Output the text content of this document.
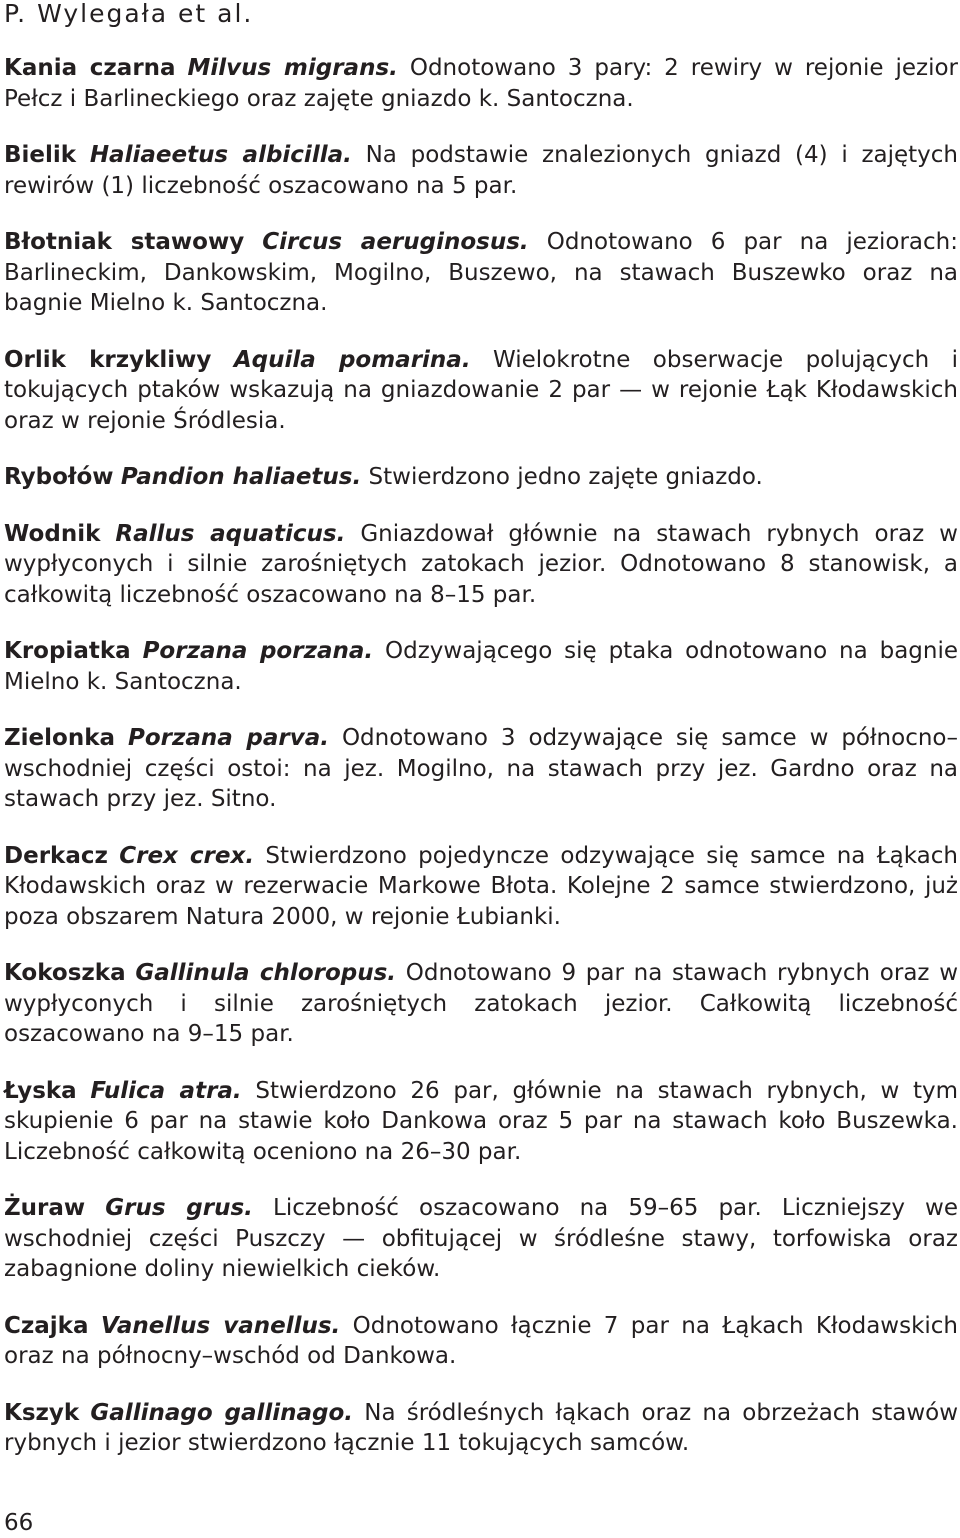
P. Wylegała et al.

Kania czarna Milvus migrans. Odnotowano 3 pary: 2 rewiry w rejonie jezior Pełcz i Barlineckiego oraz zajęte gniazdo k. Santoczna.

Bielik Haliaeetus albicilla. Na podstawie znalezionych gniazd (4) i zajętych rewirów (1) liczebność oszacowano na 5 par.

Błotniak stawowy Circus aeruginosus. Odnotowano 6 par na jeziorach: Barlineckim, Dankowskim, Mogilno, Buszewo, na stawach Buszewko oraz na bagnie Mielno k. Santoczna.

Orlik krzykliwy Aquila pomarina. Wielokrotne obserwacje polujących i tokujących ptaków wskazują na gniazdowanie 2 par — w rejonie Łąk Kłodawskich oraz w rejonie Śródlesia.

Rybołów Pandion haliaetus. Stwierdzono jedno zajęte gniazdo.

Wodnik Rallus aquaticus. Gniazdował głównie na stawach rybnych oraz w wypłyconych i silnie zarośniętych zatokach jezior. Odnotowano 8 stanowisk, a całkowitą liczebność oszacowano na 8–15 par.

Kropiatka Porzana porzana. Odzywającego się ptaka odnotowano na bagnie Mielno k. Santoczna.

Zielonka Porzana parva. Odnotowano 3 odzywające się samce w północno–wschodniej części ostoi: na jez. Mogilno, na stawach przy jez. Gardno oraz na stawach przy jez. Sitno.

Derkacz Crex crex. Stwierdzono pojedyncze odzywające się samce na Łąkach Kłodawskich oraz w rezerwacie Markowe Błota. Kolejne 2 samce stwierdzono, już poza obszarem Natura 2000, w rejonie Łubianki.

Kokoszka Gallinula chloropus. Odnotowano 9 par na stawach rybnych oraz w wypłyconych i silnie zarośniętych zatokach jezior. Całkowitą liczebność oszacowano na 9–15 par.

Łyska Fulica atra. Stwierdzono 26 par, głównie na stawach rybnych, w tym skupienie 6 par na stawie koło Dankowa oraz 5 par na stawach koło Buszewka. Liczebność całkowitą oceniono na 26–30 par.

Żuraw Grus grus. Liczebność oszacowano na 59–65 par. Liczniejszy we wschodniej części Puszczy — obfitującej w śródleśne stawy, torfowiska oraz zabagnione doliny niewielkich cieków.

Czajka Vanellus vanellus. Odnotowano łącznie 7 par na Łąkach Kłodawskich oraz na północny–wschód od Dankowa.

Kszyk Gallinago gallinago. Na śródleśnych łąkach oraz na obrzeżach stawów rybnych i jezior stwierdzono łącznie 11 tokujących samców.

66
